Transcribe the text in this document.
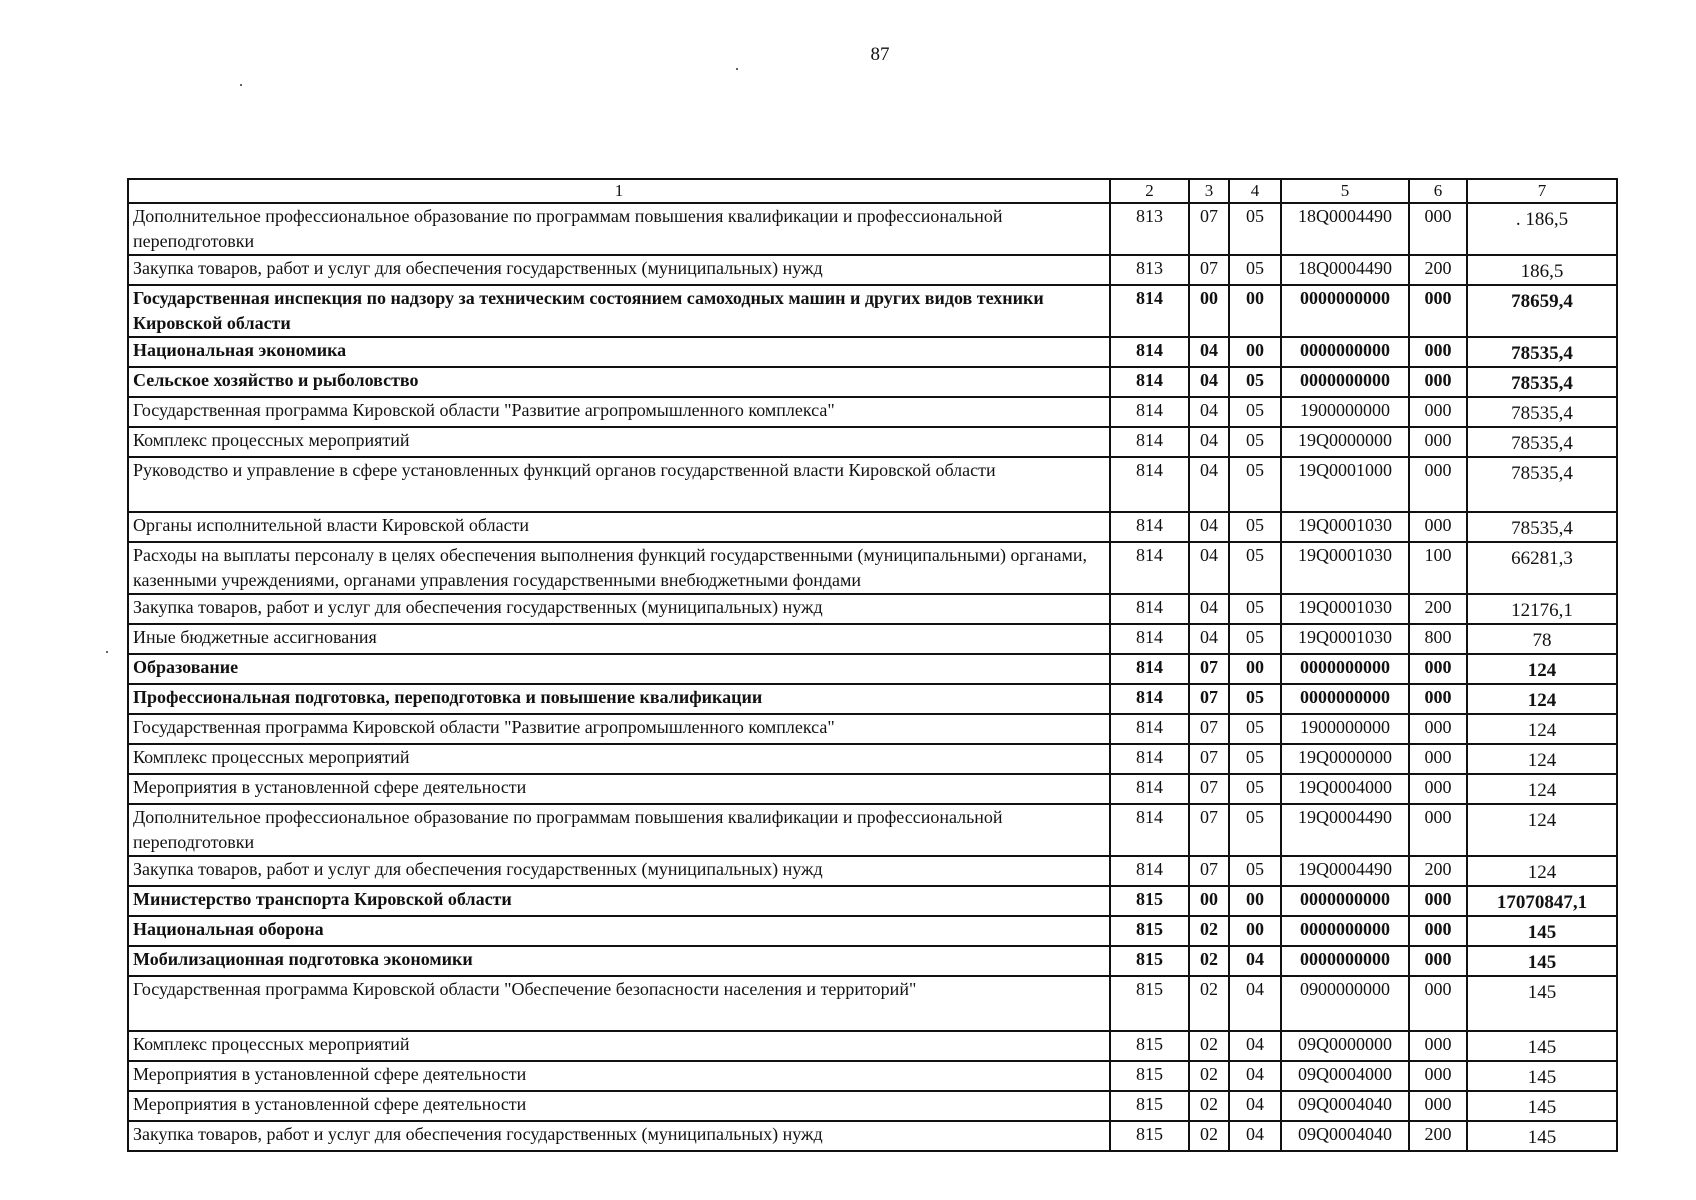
87
1	2	3	4	5	6	7
Дополнительное профессиональное образование по программам повышения квалификации и профессиональной переподготовки	813	07	05	18Q0004490	000	. 186,5
Закупка товаров, работ и услуг для обеспечения государственных (муниципальных) нужд	813	07	05	18Q0004490	200	186,5
Государственная инспекция по надзору за техническим состоянием самоходных машин и других видов техники Кировской области	814	00	00	0000000000	000	78659,4
Национальная экономика	814	04	00	0000000000	000	78535,4
Сельское хозяйство и рыболовство	814	04	05	0000000000	000	78535,4
Государственная программа Кировской области "Развитие агропромышленного комплекса"	814	04	05	1900000000	000	78535,4
Комплекс процессных мероприятий	814	04	05	19Q0000000	000	78535,4
Руководство и управление в сфере установленных функций органов государственной власти Кировской области	814	04	05	19Q0001000	000	78535,4
Органы исполнительной власти Кировской области	814	04	05	19Q0001030	000	78535,4
Расходы на выплаты персоналу в целях обеспечения выполнения функций государственными (муниципальными) органами, казенными учреждениями, органами управления государственными внебюджетными фондами	814	04	05	19Q0001030	100	66281,3
Закупка товаров, работ и услуг для обеспечения государственных (муниципальных) нужд	814	04	05	19Q0001030	200	12176,1
Иные бюджетные ассигнования	814	04	05	19Q0001030	800	78
Образование	814	07	00	0000000000	000	124
Профессиональная подготовка, переподготовка и повышение квалификации	814	07	05	0000000000	000	124
Государственная программа Кировской области "Развитие агропромышленного комплекса"	814	07	05	1900000000	000	124
Комплекс процессных мероприятий	814	07	05	19Q0000000	000	124
Мероприятия в установленной сфере деятельности	814	07	05	19Q0004000	000	124
Дополнительное профессиональное образование по программам повышения квалификации и профессиональной переподготовки	814	07	05	19Q0004490	000	124
Закупка товаров, работ и услуг для обеспечения государственных (муниципальных) нужд	814	07	05	19Q0004490	200	124
Министерство транспорта Кировской области	815	00	00	0000000000	000	17070847,1
Национальная оборона	815	02	00	0000000000	000	145
Мобилизационная подготовка экономики	815	02	04	0000000000	000	145
Государственная программа Кировской области "Обеспечение безопасности населения и территорий"	815	02	04	0900000000	000	145
Комплекс процессных мероприятий	815	02	04	09Q0000000	000	145
Мероприятия в установленной сфере деятельности	815	02	04	09Q0004000	000	145
Мероприятия в установленной сфере деятельности	815	02	04	09Q0004040	000	145
Закупка товаров, работ и услуг для обеспечения государственных (муниципальных) нужд	815	02	04	09Q0004040	200	145
